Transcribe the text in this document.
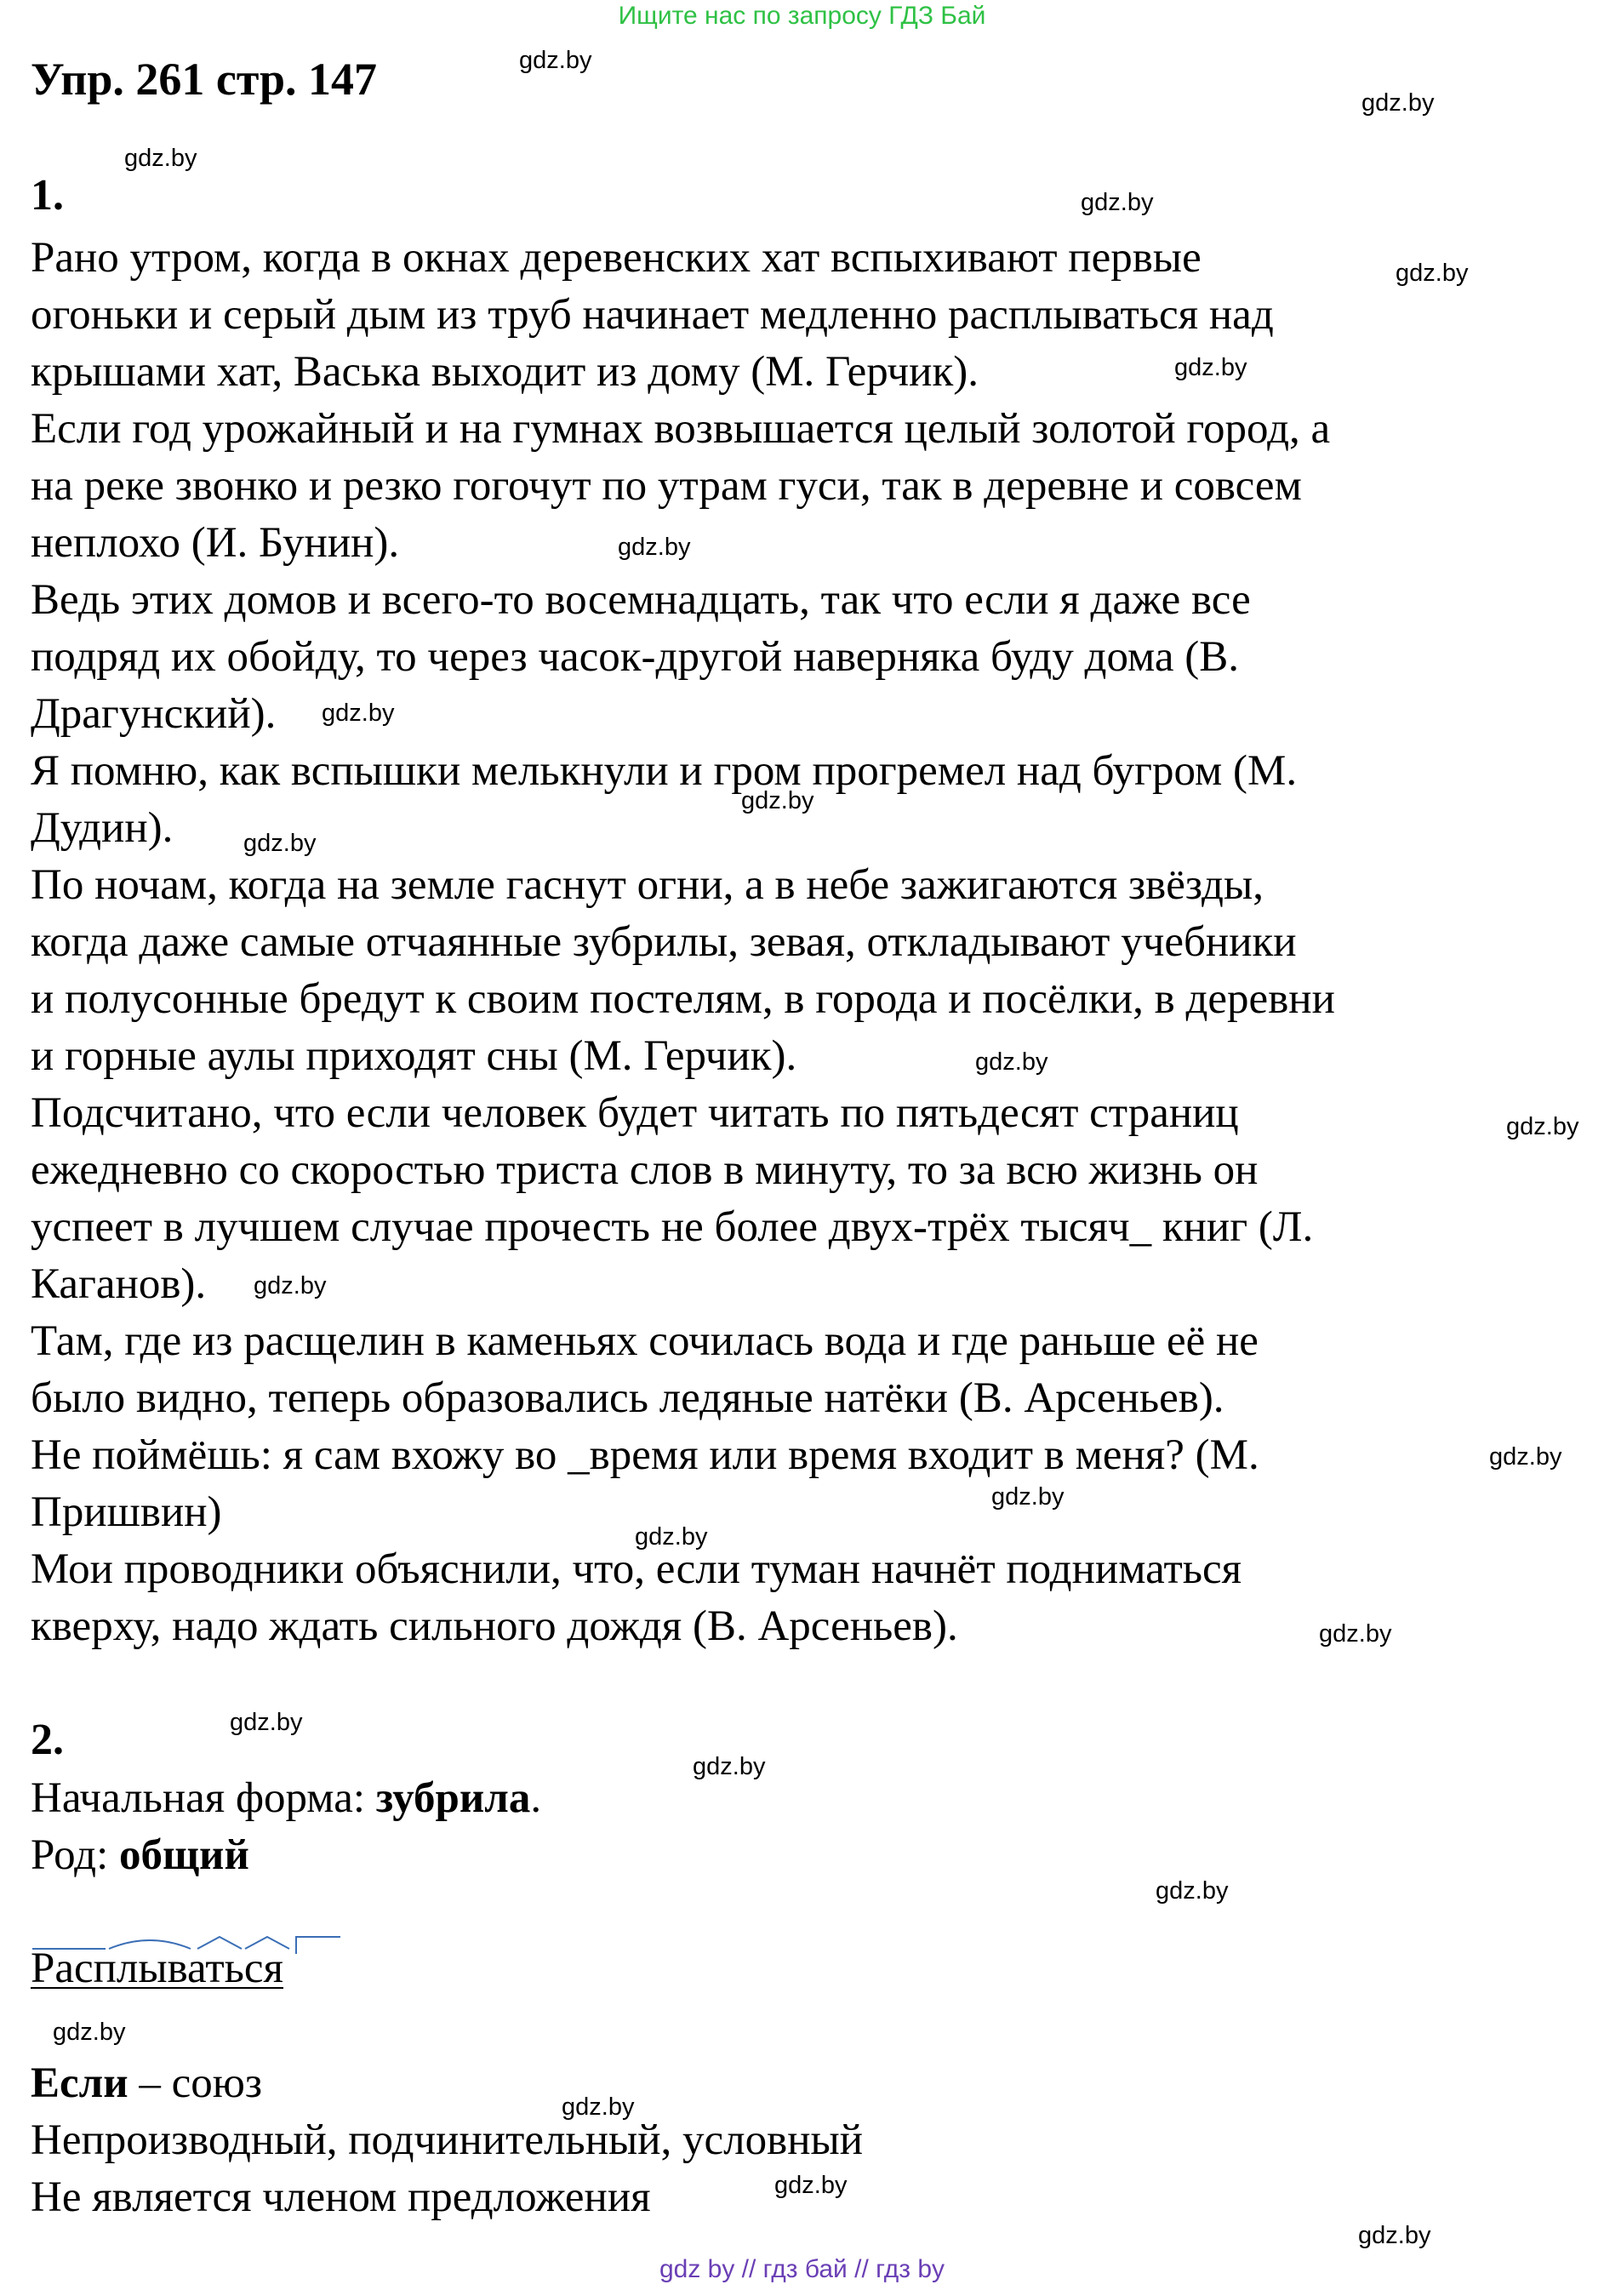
Ищите нас по запросу ГДЗ Бай
Упр. 261 стр. 147
1.
Рано утром, когда в окнах деревенских хат вспыхивают первые
огоньки и серый дым из труб начинает медленно расплываться над
крышами хат, Васька выходит из дому (М. Герчик).
Если год урожайный и на гумнах возвышается целый золотой город, а
на реке звонко и резко гогочут по утрам гуси, так в деревне и совсем
неплохо (И. Бунин).
Ведь этих домов и всего-то восемнадцать, так что если я даже все
подряд их обойду, то через часок-другой наверняка буду дома (В.
Драгунский).
Я помню, как вспышки мелькнули и гром прогремел над бугром (М.
Дудин).
По ночам, когда на земле гаснут огни, а в небе зажигаются звёзды,
когда даже самые отчаянные зубрилы, зевая, откладывают учебники
и полусонные бредут к своим постелям, в города и посёлки, в деревни
и горные аулы приходят сны (М. Герчик).
Подсчитано, что если человек будет читать по пятьдесят страниц
ежедневно со скоростью триста слов в минуту, то за всю жизнь он
успеет в лучшем случае прочесть не более двух-трёх тысяч_ книг (Л.
Каганов).
Там, где из расщелин в каменьях сочилась вода и где раньше её не
было видно, теперь образовались ледяные натёки (В. Арсеньев).
Не поймёшь: я сам вхожу во _время или время входит в меня? (М.
Пришвин)
Мои проводники объяснили, что, если туман начнёт подниматься
кверху, надо ждать сильного дождя (В. Арсеньев).
2.
Начальная форма: зубрила.
Род: общий
Расплываться
Если – союз
Непроизводный, подчинительный, условный
Не является членом предложения
gdz.by
gdz.by
gdz.by
gdz.by
gdz.by
gdz.by
gdz.by
gdz.by
gdz.by
gdz.by
gdz.by
gdz.by
gdz.by
gdz.by
gdz.by
gdz.by
gdz.by
gdz.by
gdz.by
gdz.by
gdz.by
gdz.by
gdz.by
gdz.by
gdz by // гдз бай // гдз by
